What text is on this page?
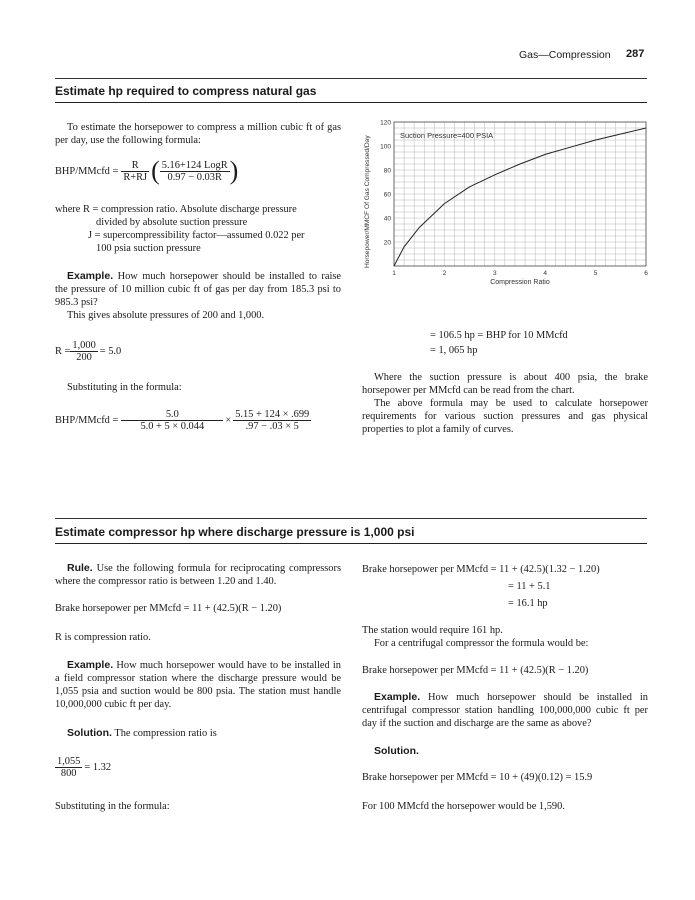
Gas—Compression 287
Estimate hp required to compress natural gas
To estimate the horsepower to compress a million cubic ft of gas per day, use the following formula:
BHP/MMcfd = $\frac{R}{R+RJ}$ ( $\frac{\text{5.16+124 LogR}}{0.97 - 0.03R}$ )
where R = compression ratio. Absolute discharge pressure
divided by absolute suction pressure
J = supercompressibility factor—assumed 0.022 per
100 psia suction pressure
Example. How much horsepower should be installed to raise the pressure of 10 million cubic ft of gas per day from 185.3 psi to 985.3 psi?
This gives absolute pressures of 200 and 1,000.
$R = \frac{1,000}{200} = 5.0$
Substituting in the formula:
BHP/MMcfd = $\frac{5.0}{5.0 + 5 \times 0.044} \times \frac{5.15 + 124 \times .699}{.97 - .03 \times 5}$
20
40
60
80
100
120
1	2	3	4	5	6
Suction Pressure=400 PSIA
Compression Ratio
Horsepower/MMCF Of Gas Compressed/Day
= 106.5 hp = BHP for 10 MMcfd
= 1, 065 hp
Where the suction pressure is about 400 psia, the brake horsepower per MMcfd can be read from the chart.
The above formula may be used to calculate horsepower requirements for various suction pressures and gas physical properties to plot a family of curves.
Estimate compressor hp where discharge pressure is 1,000 psi
Rule. Use the following formula for reciprocating compressors where the compressor ratio is between 1.20 and 1.40.
Brake horsepower per MMcfd = 11 + (42.5)(R − 1.20)
R is compression ratio.
Example. How much horsepower would have to be installed in a field compressor station where the discharge pressure would be 1,055 psia and suction would be 800 psia. The station must handle 10,000,000 cubic ft per day.
Solution. The compression ratio is
$\frac{1,055}{800} = 1.32$
Substituting in the formula:
Brake horsepower per MMcfd = 11 + (42.5)(1.32 − 1.20)
= 11 + 5.1
= 16.1 hp
The station would require 161 hp.
For a centrifugal compressor the formula would be:
Brake horsepower per MMcfd = 11 + (42.5)(R − 1.20)
Example. How much horsepower should be installed in centrifugal compressor station handling 100,000,000 cubic ft per day if the suction and discharge are the same as above?
Solution.
Brake horsepower per MMcfd = 10 + (49)(0.12) = 15.9
For 100 MMcfd the horsepower would be 1,590.
